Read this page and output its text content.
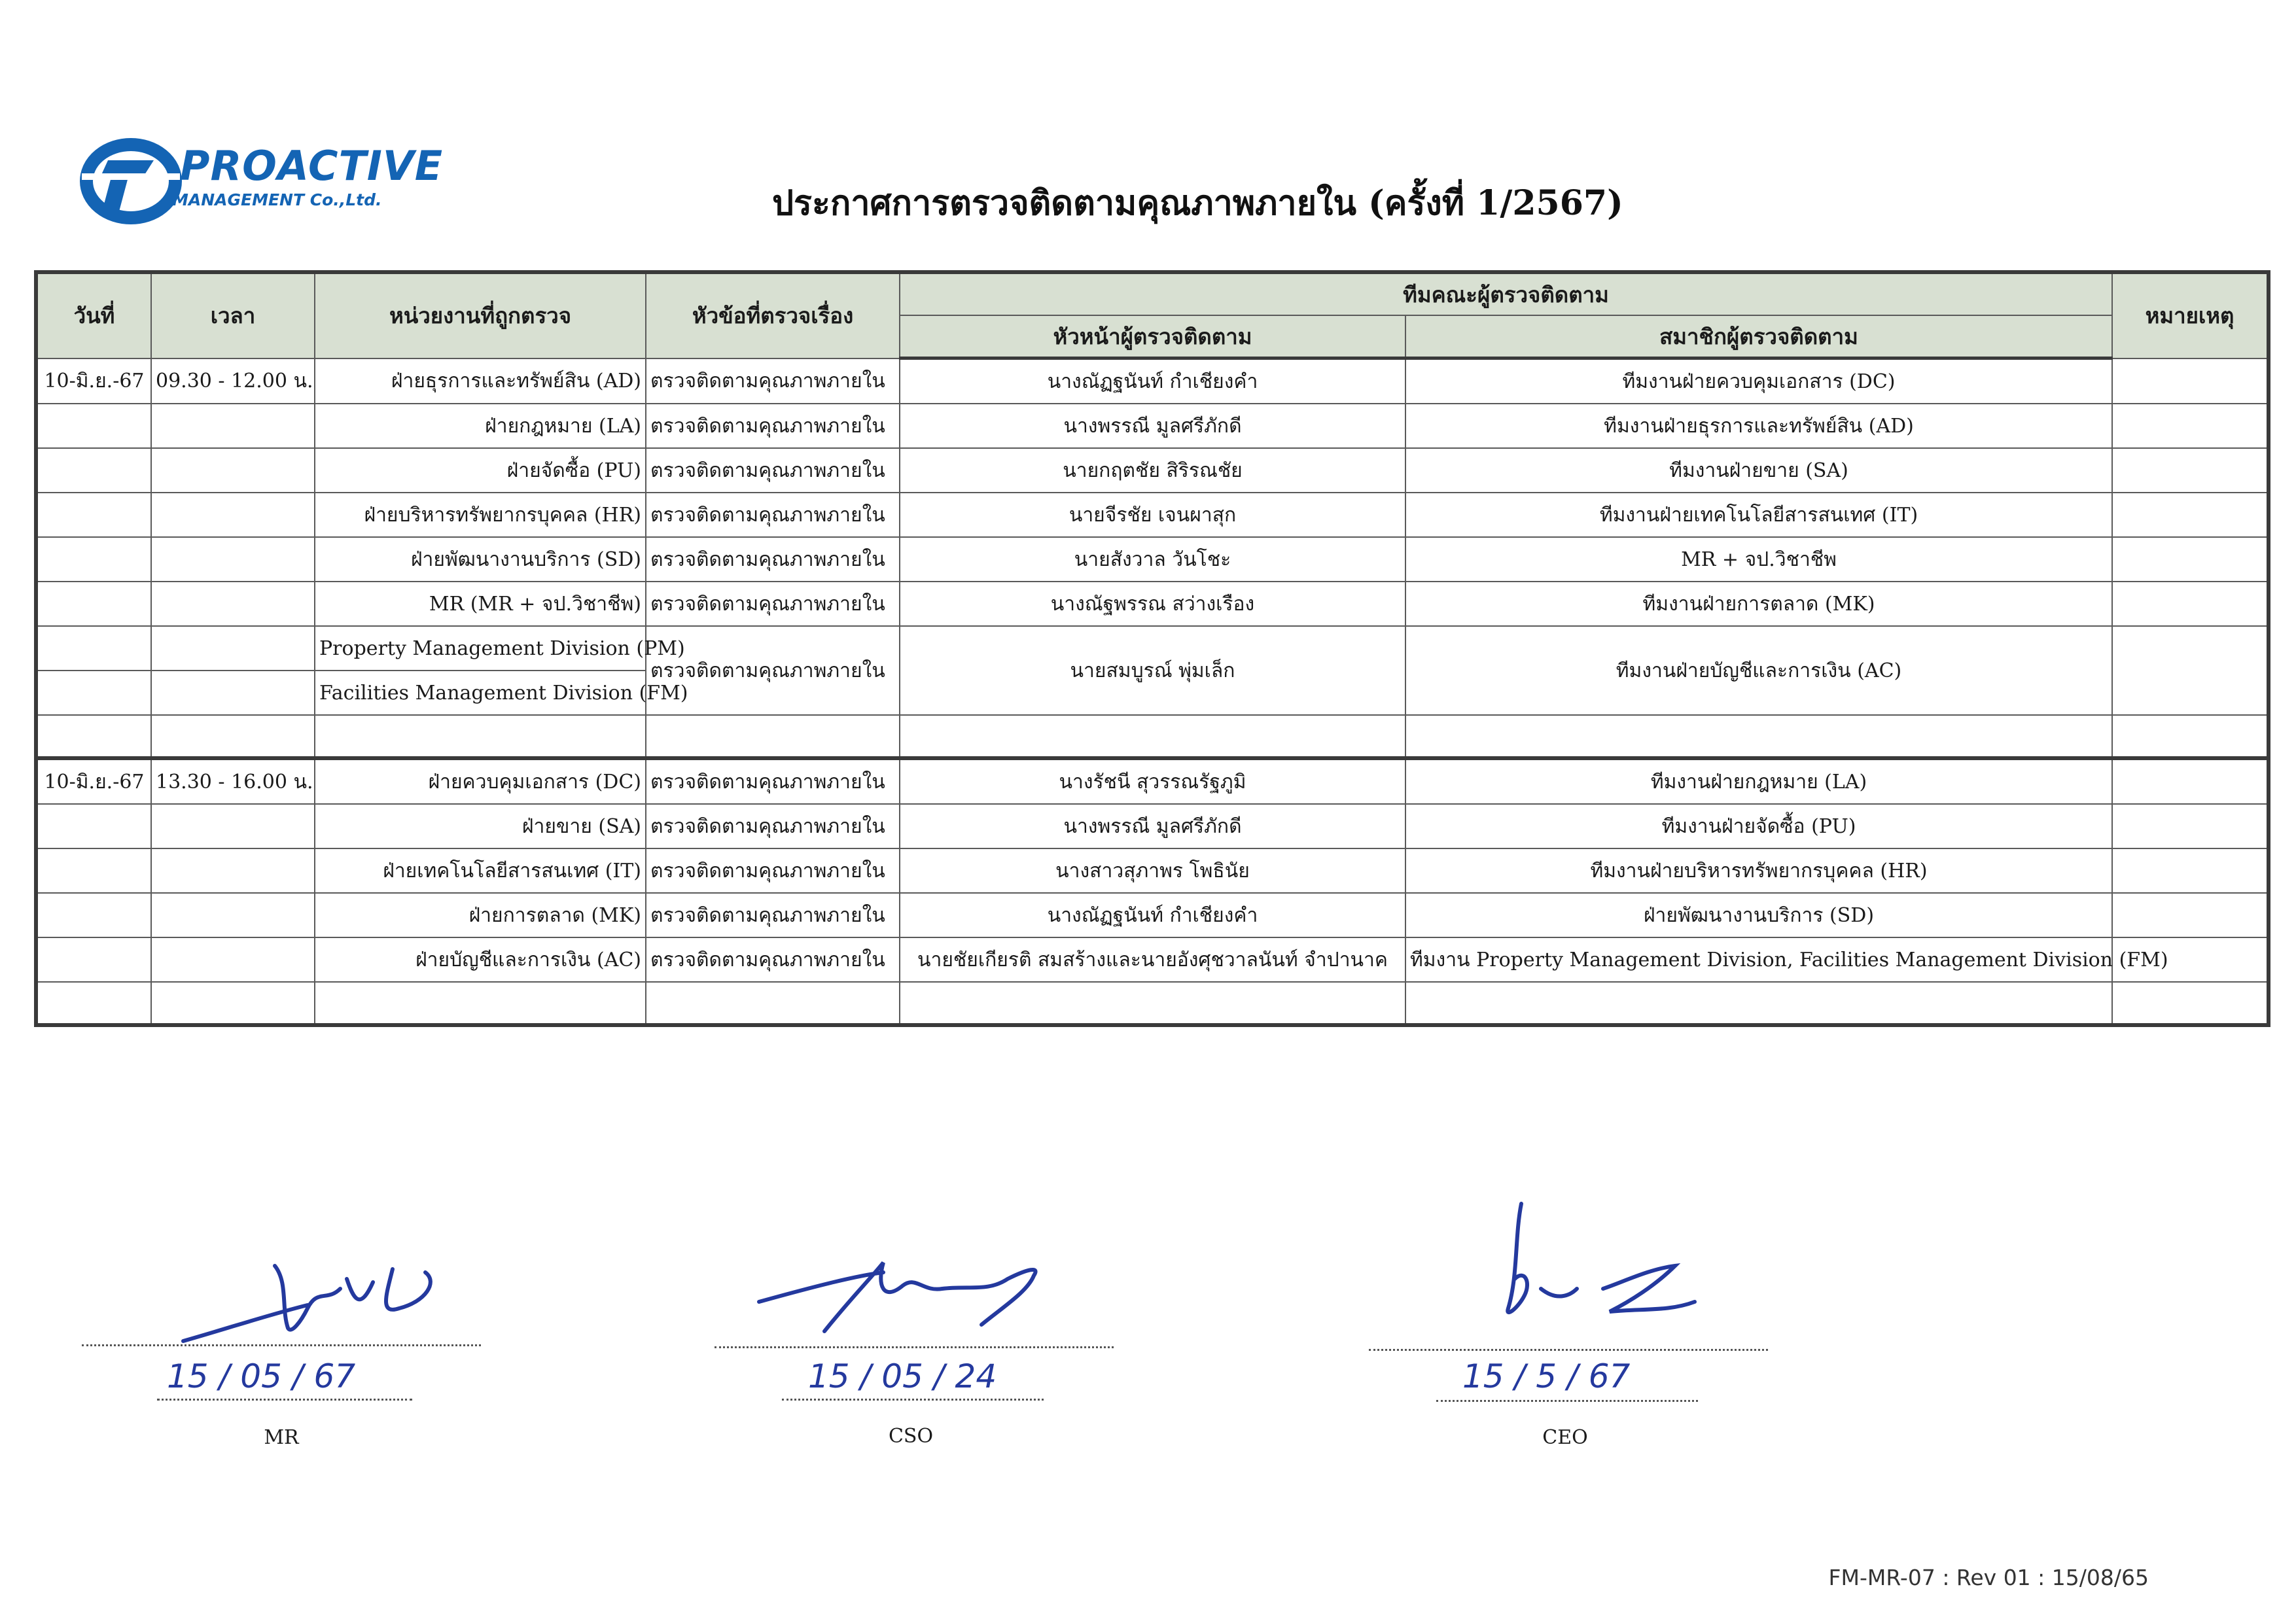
PROACTIVE
MANAGEMENT Co.,Ltd.	ประกาศการตรวจติดตามคุณภาพภายใน (ครั้งที่ 1/2567)
วันที่	เวลา	หน่วยงานที่ถูกตรวจ	หัวข้อที่ตรวจเรื่อง	ทีมคณะผู้ตรวจติดตาม		หมายเหตุ
				หัวหน้าผู้ตรวจติดตาม	สมาชิกผู้ตรวจติดตาม	
10-มิ.ย.-67	09.30 - 12.00 น.	ฝ่ายธุรการและทรัพย์สิน (AD)	ตรวจติดตามคุณภาพภายใน	นางณัฏฐนันท์ กำเชียงคำ	ทีมงานฝ่ายควบคุมเอกสาร (DC)	
		ฝ่ายกฎหมาย (LA)	ตรวจติดตามคุณภาพภายใน	นางพรรณี มูลศรีภักดี	ทีมงานฝ่ายธุรการและทรัพย์สิน (AD)	
		ฝ่ายจัดซื้อ (PU)	ตรวจติดตามคุณภาพภายใน	นายกฤตชัย สิริรณชัย	ทีมงานฝ่ายขาย (SA)	
		ฝ่ายบริหารทรัพยากรบุคคล (HR)	ตรวจติดตามคุณภาพภายใน	นายจีรชัย เจนผาสุก	ทีมงานฝ่ายเทคโนโลยีสารสนเทศ (IT)	
		ฝ่ายพัฒนางานบริการ (SD)	ตรวจติดตามคุณภาพภายใน	นายสังวาล วันโชะ	MR + จป.วิชาชีพ	
		MR (MR + จป.วิชาชีพ)	ตรวจติดตามคุณภาพภายใน	นางณัฐพรรณ สว่างเรือง	ทีมงานฝ่ายการตลาด (MK)	
		Property Management Division (PM)	ตรวจติดตามคุณภาพภายใน	นายสมบูรณ์ พุ่มเล็ก	ทีมงานฝ่ายบัญชีและการเงิน (AC)	
		Facilities Management Division (FM)				

10-มิ.ย.-67	13.30 - 16.00 น.	ฝ่ายควบคุมเอกสาร (DC)	ตรวจติดตามคุณภาพภายใน	นางรัชนี สุวรรณรัฐภูมิ	ทีมงานฝ่ายกฎหมาย (LA)	
		ฝ่ายขาย (SA)	ตรวจติดตามคุณภาพภายใน	นางพรรณี มูลศรีภักดี	ทีมงานฝ่ายจัดซื้อ (PU)	
		ฝ่ายเทคโนโลยีสารสนเทศ (IT)	ตรวจติดตามคุณภาพภายใน	นางสาวสุภาพร โพธินัย	ทีมงานฝ่ายบริหารทรัพยากรบุคคล (HR)	
		ฝ่ายการตลาด (MK)	ตรวจติดตามคุณภาพภายใน	นางณัฏฐนันท์ กำเชียงคำ	ฝ่ายพัฒนางานบริการ (SD)	
		ฝ่ายบัญชีและการเงิน (AC)	ตรวจติดตามคุณภาพภายใน	นายชัยเกียรติ สมสร้างและนายอังศุชวาลนันท์ จำปานาค	ทีมงาน Property Management Division, Facilities Management Division (FM)	

15 / 05 / 67
MR
15 / 05 / 24
CSO
15 / 5 / 67
CEO
FM-MR-07 : Rev 01 : 15/08/65
